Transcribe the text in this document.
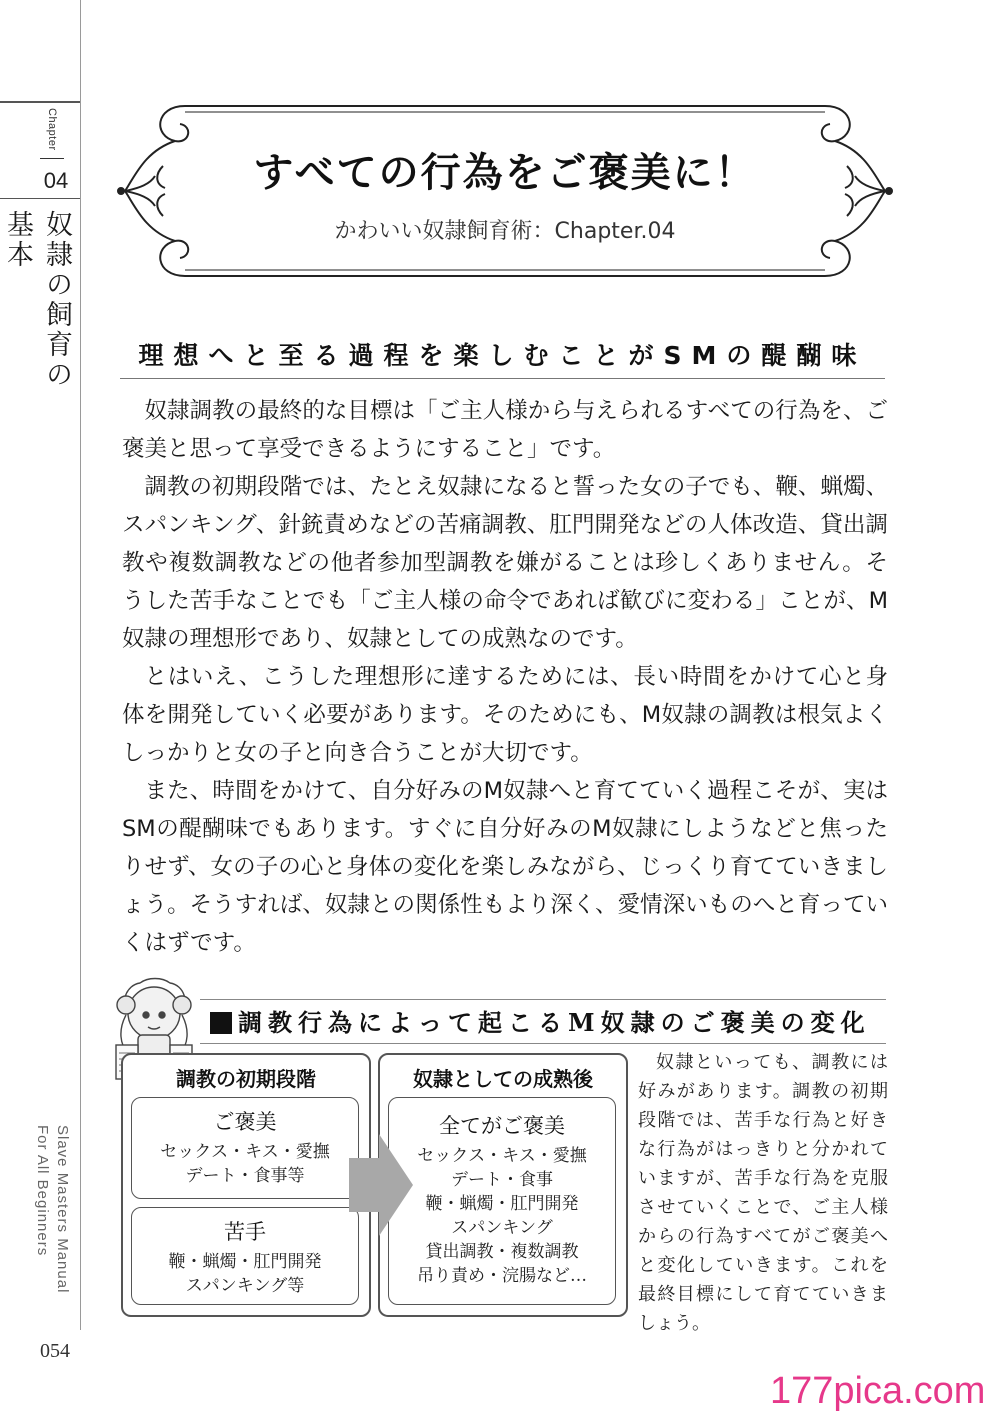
Chapter
04
奴隷の飼育の基本
Slave Masters Manual
For All Beginners
054
すべての行為をご褒美に！
かわいい奴隷飼育術：Chapter.04
理想へと至る過程を楽しむことがSMの醍醐味

奴隷調教の最終的な目標は「ご主人様から与えられるすべての行為を、ご褒美と思って享受できるようにすること」です。

調教の初期段階では、たとえ奴隷になると誓った女の子でも、鞭、蝋燭、スパンキング、針銃責めなどの苦痛調教、肛門開発などの人体改造、貸出調教や複数調教などの他者参加型調教を嫌がることは珍しくありません。そうした苦手なことでも「ご主人様の命令であれば歓びに変わる」ことが、M奴隷の理想形であり、奴隷としての成熟なのです。

とはいえ、こうした理想形に達するためには、長い時間をかけて心と身体を開発していく必要があります。そのためにも、M奴隷の調教は根気よくしっかりと女の子と向き合うことが大切です。

また、時間をかけて、自分好みのM奴隷へと育てていく過程こそが、実はSMの醍醐味でもあります。すぐに自分好みのM奴隷にしようなどと焦ったりせず、女の子の心と身体の変化を楽しみながら、じっくり育てていきましょう。そうすれば、奴隷との関係性もより深く、愛情深いものへと育っていくはずです。

調教行為によって起こるM奴隷のご褒美の変化
調教の初期段階
ご褒美
セックス・キス・愛撫
デート・食事等
苦手
鞭・蝋燭・肛門開発
スパンキング等
奴隷としての成熟後
全てがご褒美
セックス・キス・愛撫
デート・食事
鞭・蝋燭・肛門開発
スパンキング
貸出調教・複数調教
吊り責め・浣腸など…
奴隷といっても、調教には好みがあります。調教の初期段階では、苦手な行為と好きな行為がはっきりと分かれていますが、苦手な行為を克服させていくことで、ご主人様からの行為すべてがご褒美へと変化していきます。これを最終目標にして育てていきましょう。
177pica.com
